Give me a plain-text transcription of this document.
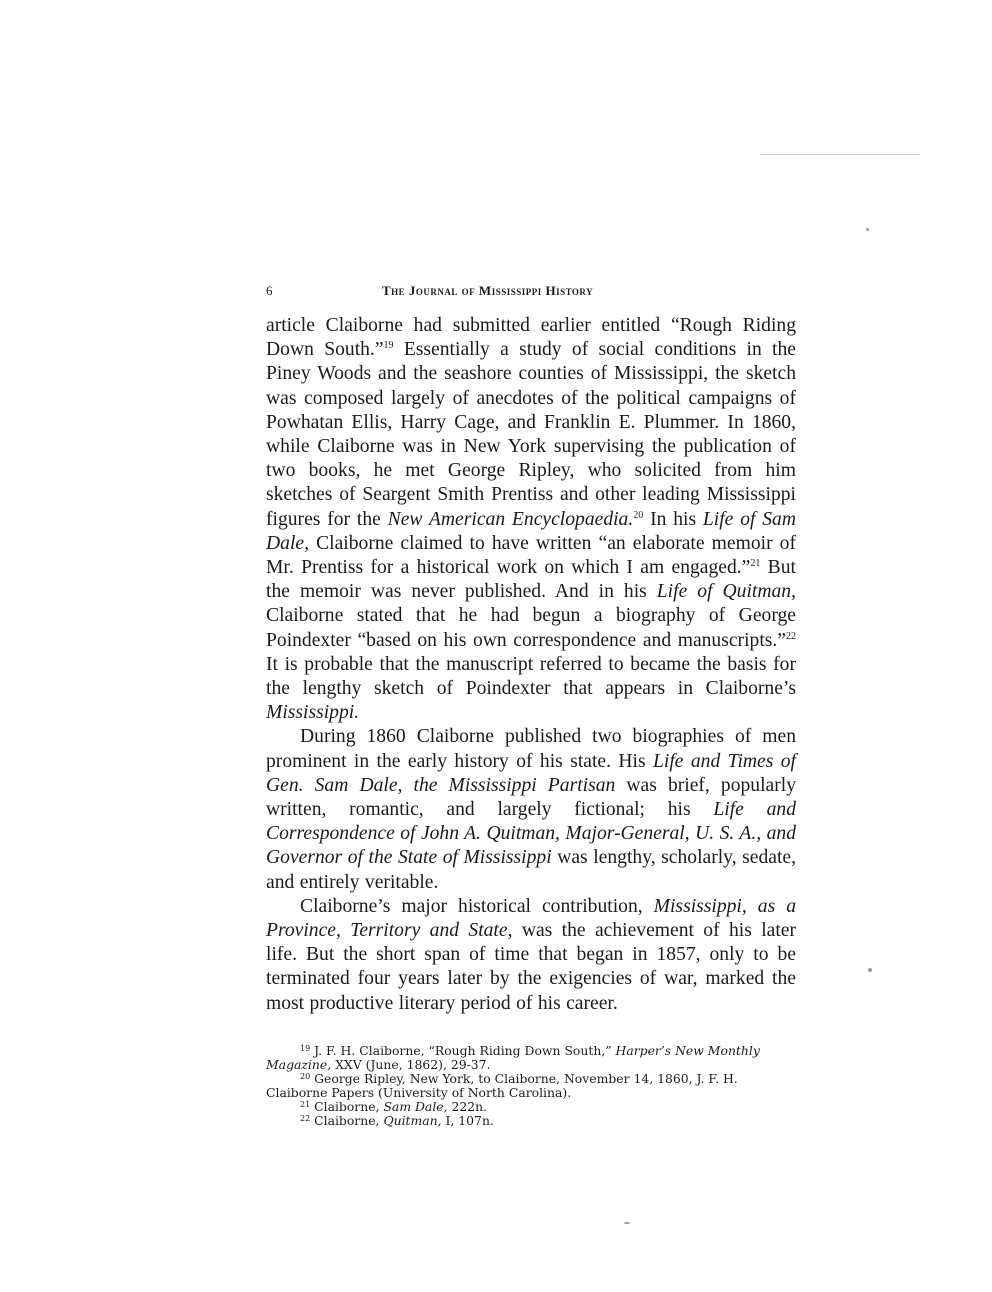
6	The Journal of Mississippi History

article Claiborne had submitted earlier entitled “Rough Riding Down South.”$^{19}$ Essentially a study of social conditions in the Piney Woods and the seashore counties of Mississippi, the sketch was composed largely of anecdotes of the political campaigns of Powhatan Ellis, Harry Cage, and Franklin E. Plummer. In 1860, while Claiborne was in New York supervising the publication of two books, he met George Ripley, who solicited from him sketches of Seargent Smith Prentiss and other leading Mississippi figures for the New American Encyclopaedia.$^{20}$ In his Life of Sam Dale, Claiborne claimed to have written “an elaborate memoir of Mr. Prentiss for a historical work on which I am engaged.”$^{21}$ But the memoir was never published. And in his Life of Quitman, Claiborne stated that he had begun a biography of George Poindexter “based on his own correspondence and manuscripts.”$^{22}$ It is probable that the manuscript referred to became the basis for the lengthy sketch of Poindexter that appears in Claiborne’s Mississippi.

During 1860 Claiborne published two biographies of men prominent in the early history of his state. His Life and Times of Gen. Sam Dale, the Mississippi Partisan was brief, popularly written, romantic, and largely fictional; his Life and Correspondence of John A. Quitman, Major-General, U. S. A., and Governor of the State of Mississippi was lengthy, scholarly, sedate, and entirely veritable.

Claiborne’s major historical contribution, Mississippi, as a Province, Territory and State, was the achievement of his later life. But the short span of time that began in 1857, only to be terminated four years later by the exigencies of war, marked the most productive literary period of his career.

$^{19}$ J. F. H. Claiborne, “Rough Riding Down South,” Harper’s New Monthly Magazine, XXV (June, 1862), 29-37.

$^{20}$ George Ripley, New York, to Claiborne, November 14, 1860, J. F. H. Claiborne Papers (University of North Carolina).

$^{21}$ Claiborne, Sam Dale, 222n.

$^{22}$ Claiborne, Quitman, I, 107n.
